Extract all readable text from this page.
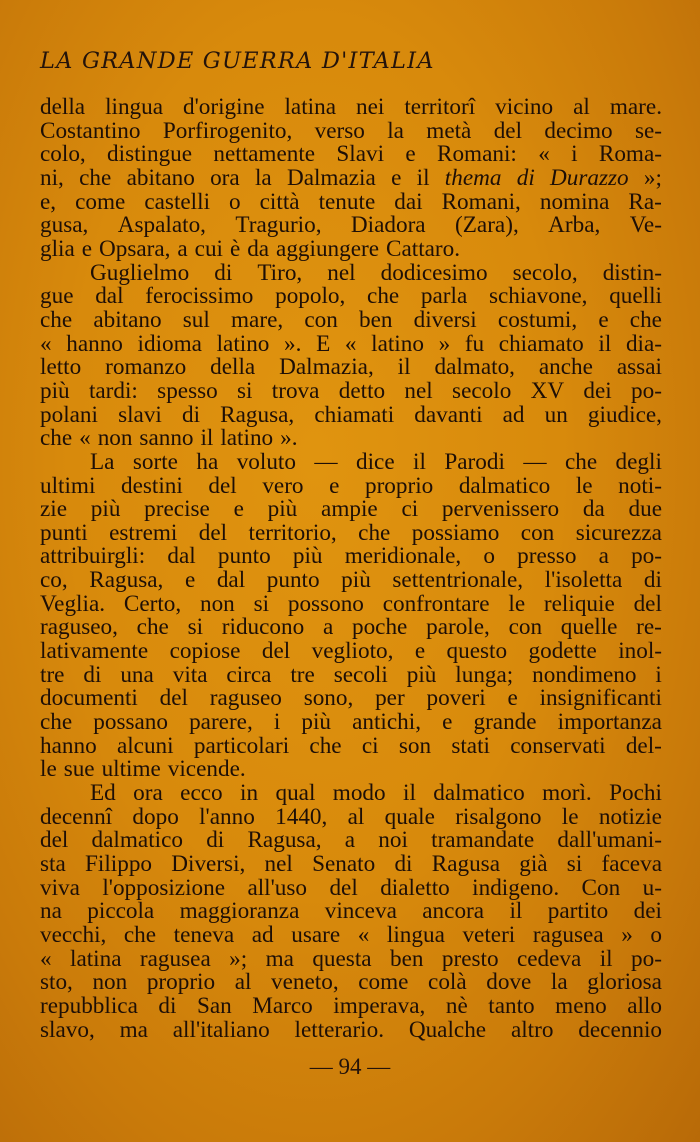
LA GRANDE GUERRA D'ITALIA
della lingua d'origine latina nei territorî vicino al mare.
Costantino Porfirogenito, verso la metà del decimo se-
colo, distingue nettamente Slavi e Romani: « i Roma-
ni, che abitano ora la Dalmazia e il thema di Durazzo »;
e, come castelli o città tenute dai Romani, nomina Ra-
gusa, Aspalato, Tragurio, Diadora (Zara), Arba, Ve-
glia e Opsara, a cui è da aggiungere Cattaro.
Guglielmo di Tiro, nel dodicesimo secolo, distin-
gue dal ferocissimo popolo, che parla schiavone, quelli
che abitano sul mare, con ben diversi costumi, e che
« hanno idioma latino ». E « latino » fu chiamato il dia-
letto romanzo della Dalmazia, il dalmato, anche assai
più tardi: spesso si trova detto nel secolo XV dei po-
polani slavi di Ragusa, chiamati davanti ad un giudice,
che « non sanno il latino ».
La sorte ha voluto — dice il Parodi — che degli
ultimi destini del vero e proprio dalmatico le noti-
zie più precise e più ampie ci pervenissero da due
punti estremi del territorio, che possiamo con sicurezza
attribuirgli: dal punto più meridionale, o presso a po-
co, Ragusa, e dal punto più settentrionale, l'isoletta di
Veglia. Certo, non si possono confrontare le reliquie del
raguseo, che si riducono a poche parole, con quelle re-
lativamente copiose del veglioto, e questo godette inol-
tre di una vita circa tre secoli più lunga; nondimeno i
documenti del raguseo sono, per poveri e insignificanti
che possano parere, i più antichi, e grande importanza
hanno alcuni particolari che ci son stati conservati del-
le sue ultime vicende.
Ed ora ecco in qual modo il dalmatico morì. Pochi
decennî dopo l'anno 1440, al quale risalgono le notizie
del dalmatico di Ragusa, a noi tramandate dall'umani-
sta Filippo Diversi, nel Senato di Ragusa già si faceva
viva l'opposizione all'uso del dialetto indigeno. Con u-
na piccola maggioranza vinceva ancora il partito dei
vecchi, che teneva ad usare « lingua veteri ragusea » o
« latina ragusea »; ma questa ben presto cedeva il po-
sto, non proprio al veneto, come colà dove la gloriosa
repubblica di San Marco imperava, nè tanto meno allo
slavo, ma all'italiano letterario. Qualche altro decennio
— 94 —
